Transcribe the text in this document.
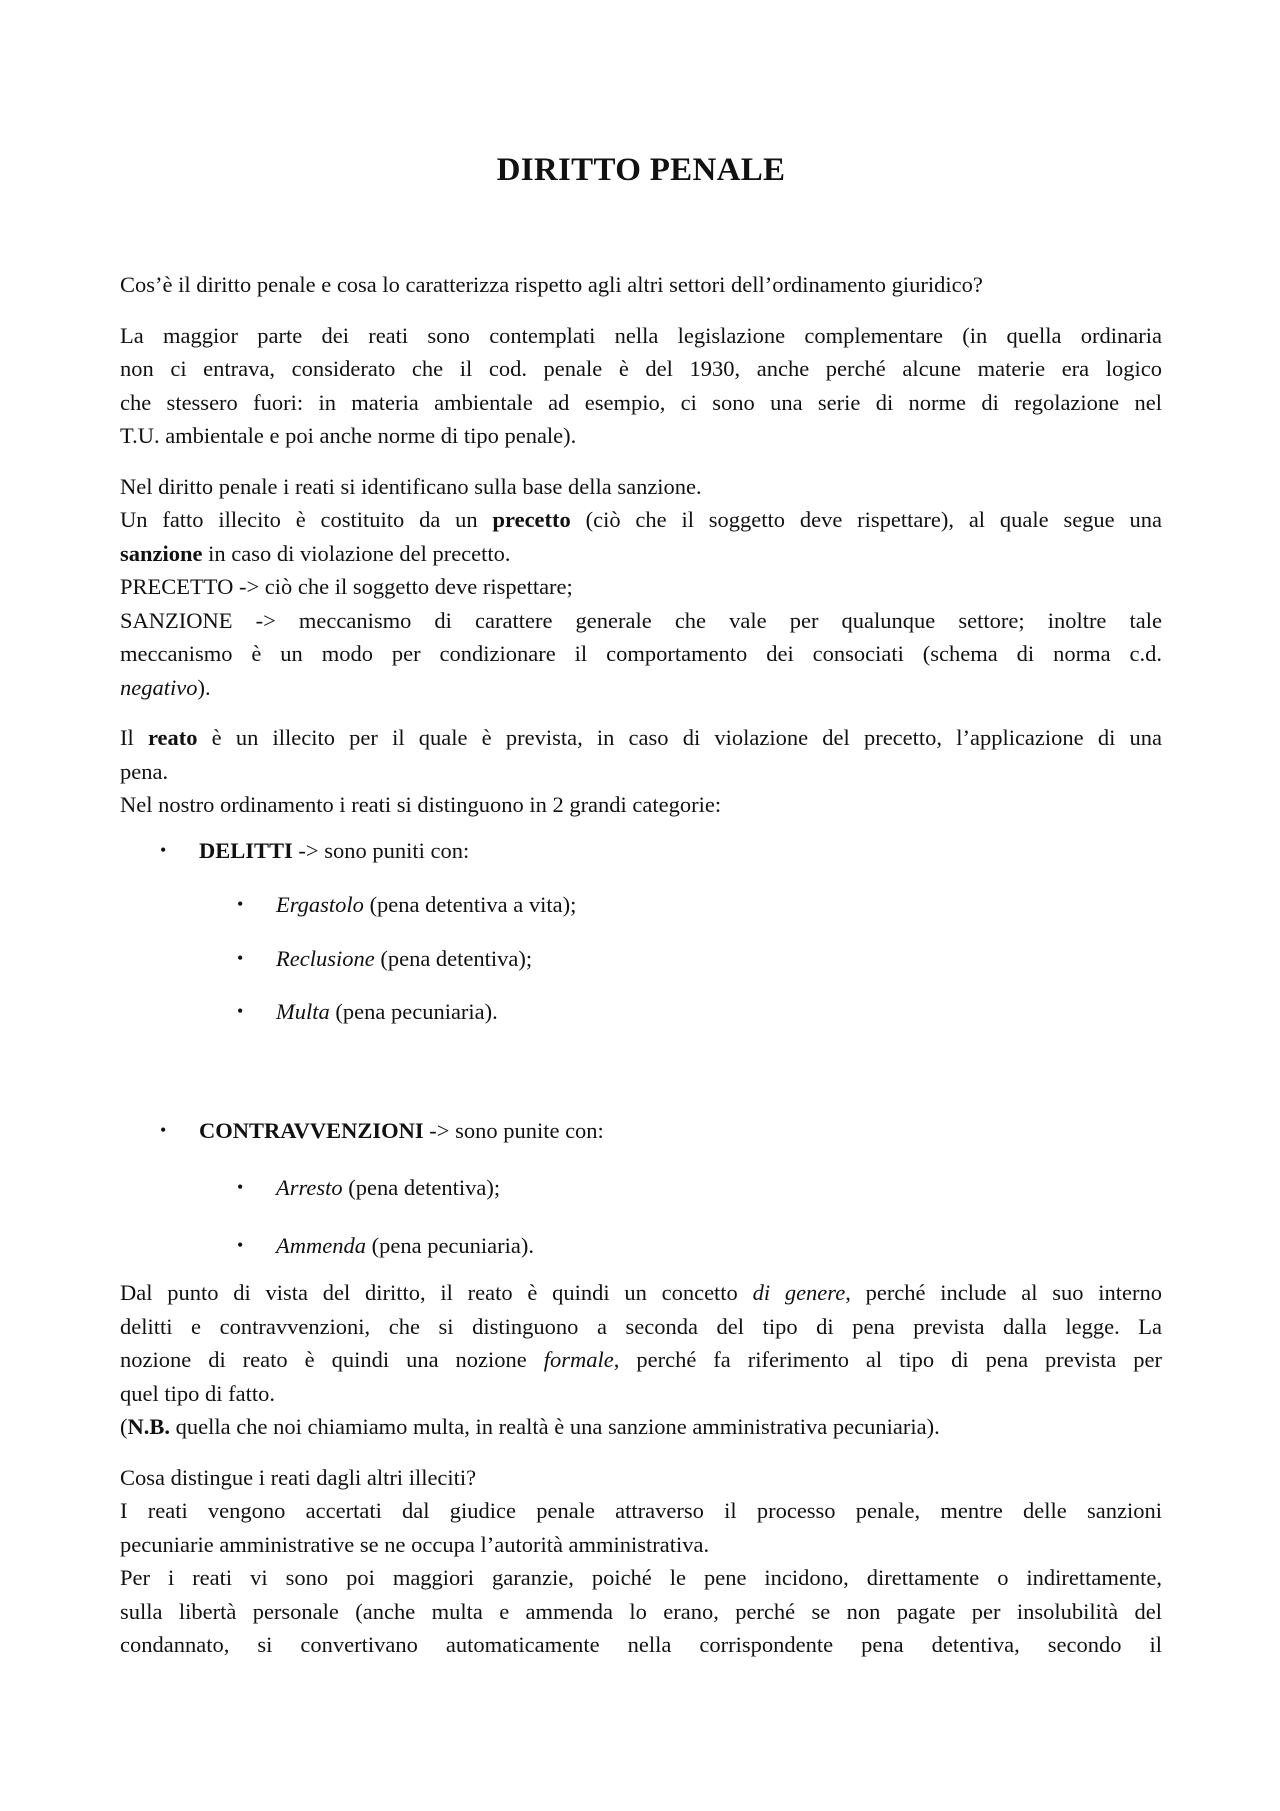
DIRITTO PENALE

Cos’è il diritto penale e cosa lo caratterizza rispetto agli altri settori dell’ordinamento giuridico?

La maggior parte dei reati sono contemplati nella legislazione complementare (in quella ordinaria
non ci entrava, considerato che il cod. penale è del 1930, anche perché alcune materie era logico
che stessero fuori: in materia ambientale ad esempio, ci sono una serie di norme di regolazione nel
T.U. ambientale e poi anche norme di tipo penale).

Nel diritto penale i reati si identificano sulla base della sanzione.
Un fatto illecito è costituito da un precetto (ciò che il soggetto deve rispettare), al quale segue una
sanzione in caso di violazione del precetto.
PRECETTO -> ciò che il soggetto deve rispettare;
SANZIONE -> meccanismo di carattere generale che vale per qualunque settore; inoltre tale
meccanismo è un modo per condizionare il comportamento dei consociati (schema di norma c.d.
negativo).

Il reato è un illecito per il quale è prevista, in caso di violazione del precetto, l’applicazione di una
pena.
Nel nostro ordinamento i reati si distinguono in 2 grandi categorie:

• DELITTI -> sono puniti con:
• Ergastolo (pena detentiva a vita);
• Reclusione (pena detentiva);
• Multa (pena pecuniaria).
• CONTRAVVENZIONI -> sono punite con:
• Arresto (pena detentiva);
• Ammenda (pena pecuniaria).

Dal punto di vista del diritto, il reato è quindi un concetto di genere, perché include al suo interno
delitti e contravvenzioni, che si distinguono a seconda del tipo di pena prevista dalla legge. La
nozione di reato è quindi una nozione formale, perché fa riferimento al tipo di pena prevista per
quel tipo di fatto.
(N.B. quella che noi chiamiamo multa, in realtà è una sanzione amministrativa pecuniaria).

Cosa distingue i reati dagli altri illeciti?
I reati vengono accertati dal giudice penale attraverso il processo penale, mentre delle sanzioni
pecuniarie amministrative se ne occupa l’autorità amministrativa.
Per i reati vi sono poi maggiori garanzie, poiché le pene incidono, direttamente o indirettamente,
sulla libertà personale (anche multa e ammenda lo erano, perché se non pagate per insolubilità del
condannato, si convertivano automaticamente nella corrispondente pena detentiva, secondo il
